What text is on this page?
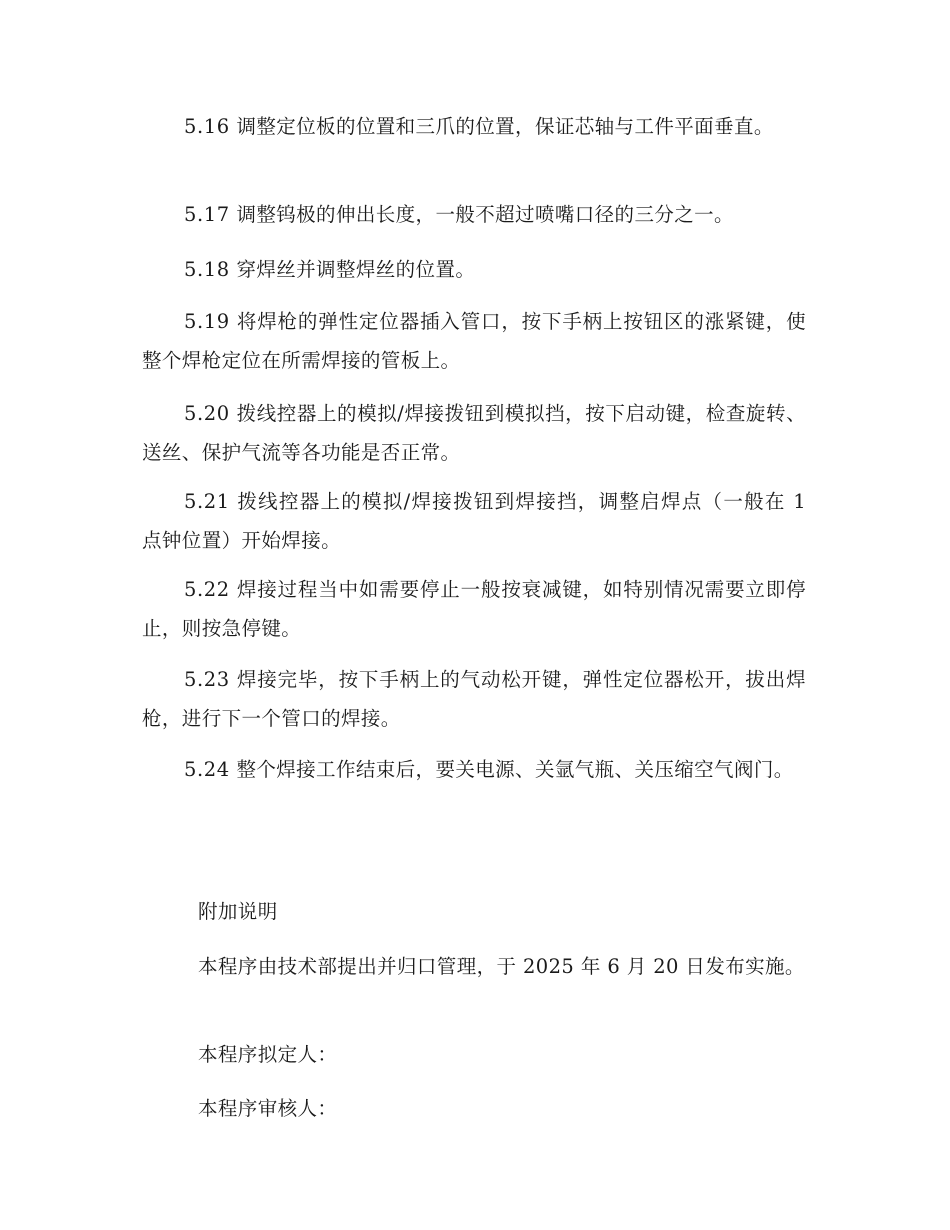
5.16 调整定位板的位置和三爪的位置，保证芯轴与工件平面垂直。

5.17 调整钨极的伸出长度，一般不超过喷嘴口径的三分之一。

5.18 穿焊丝并调整焊丝的位置。

5.19 将焊枪的弹性定位器插入管口，按下手柄上按钮区的涨紧键，使整个焊枪定位在所需焊接的管板上。

5.20 拨线控器上的模拟/焊接拨钮到模拟挡，按下启动键，检查旋转、送丝、保护气流等各功能是否正常。

5.21 拨线控器上的模拟/焊接拨钮到焊接挡，调整启焊点（一般在 1 点钟位置）开始焊接。

5.22 焊接过程当中如需要停止一般按衰减键，如特别情况需要立即停止，则按急停键。

5.23 焊接完毕，按下手柄上的气动松开键，弹性定位器松开，拔出焊枪，进行下一个管口的焊接。

5.24 整个焊接工作结束后，要关电源、关氩气瓶、关压缩空气阀门。

附加说明

本程序由技术部提出并归口管理，于 2025 年 6 月 20 日发布实施。

本程序拟定人：

本程序审核人：
